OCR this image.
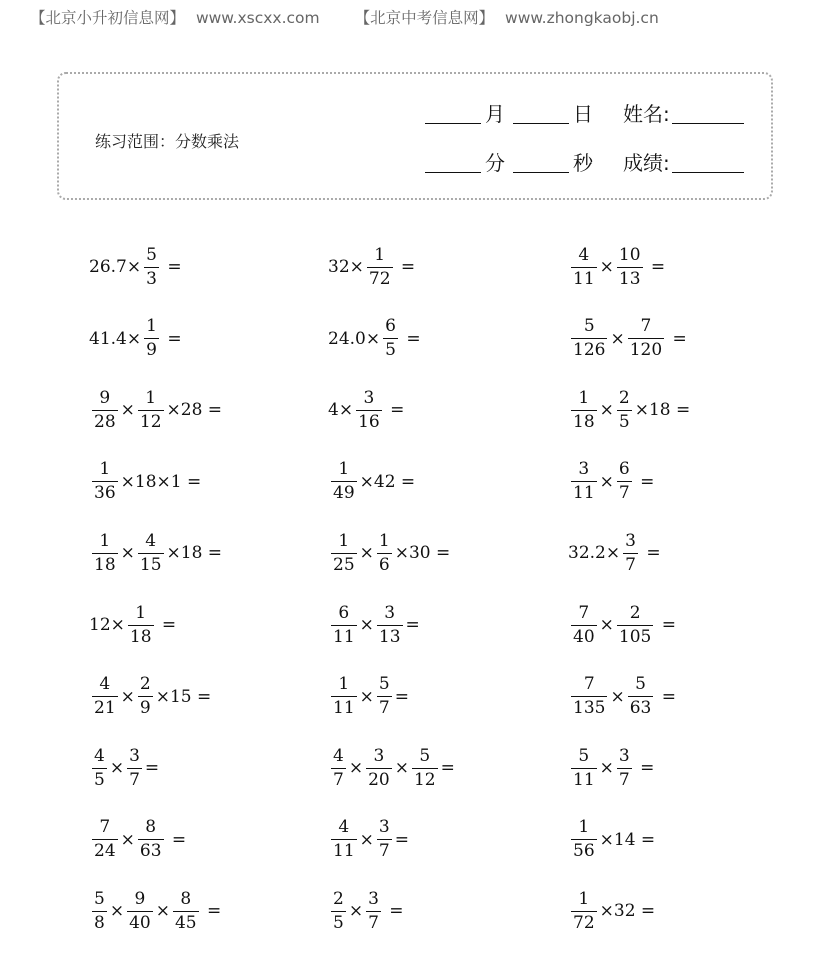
【北京小升初信息网】 www.xscxx.com 【北京中考信息网】 www.zhongkaobj.cn
练习范围：分数乘法
月	日 姓名:
分	秒 成绩:
$26.7\times \frac{5}{3}$ =	$32\times \frac{1}{72}$ =	$\frac{4}{11} \times \frac{10}{13}$ =
$41.4\times \frac{1}{9}$ =	$24.0\times \frac{6}{5}$ =	$\frac{5}{126} \times \frac{7}{120}$ =
$\frac{9}{28} \times \frac{1}{12} \times 28$ =	$4\times \frac{3}{16}$ =	$\frac{1}{18} \times \frac{2}{5} \times 18$ =
$\frac{1}{36} \times 18\times 1$ =	$\frac{1}{49} \times 42$ =	$\frac{3}{11} \times \frac{6}{7}$ =
$\frac{1}{18} \times \frac{4}{15} \times 18$ =	$\frac{1}{25} \times \frac{1}{6} \times 30$ =	$32.2\times \frac{3}{7}$ =
$12\times \frac{1}{18}$ =	$\frac{6}{11} \times \frac{3}{13}$ =	$\frac{7}{40} \times \frac{2}{105}$ =
$\frac{4}{21} \times \frac{2}{9} \times 15$ =	$\frac{1}{11} \times \frac{5}{7}$ =	$\frac{7}{135} \times \frac{5}{63}$ =
$\frac{4}{5} \times \frac{3}{7}$ =	$\frac{4}{7} \times \frac{3}{20} \times \frac{5}{12}$ =	$\frac{5}{11} \times \frac{3}{7}$ =
$\frac{7}{24} \times \frac{8}{63}$ =	$\frac{4}{11} \times \frac{3}{7}$ =	$\frac{1}{56} \times 14$ =
$\frac{5}{8} \times \frac{9}{40} \times \frac{8}{45}$ =	$\frac{2}{5} \times \frac{3}{7}$ =	$\frac{1}{72} \times 32$ =
